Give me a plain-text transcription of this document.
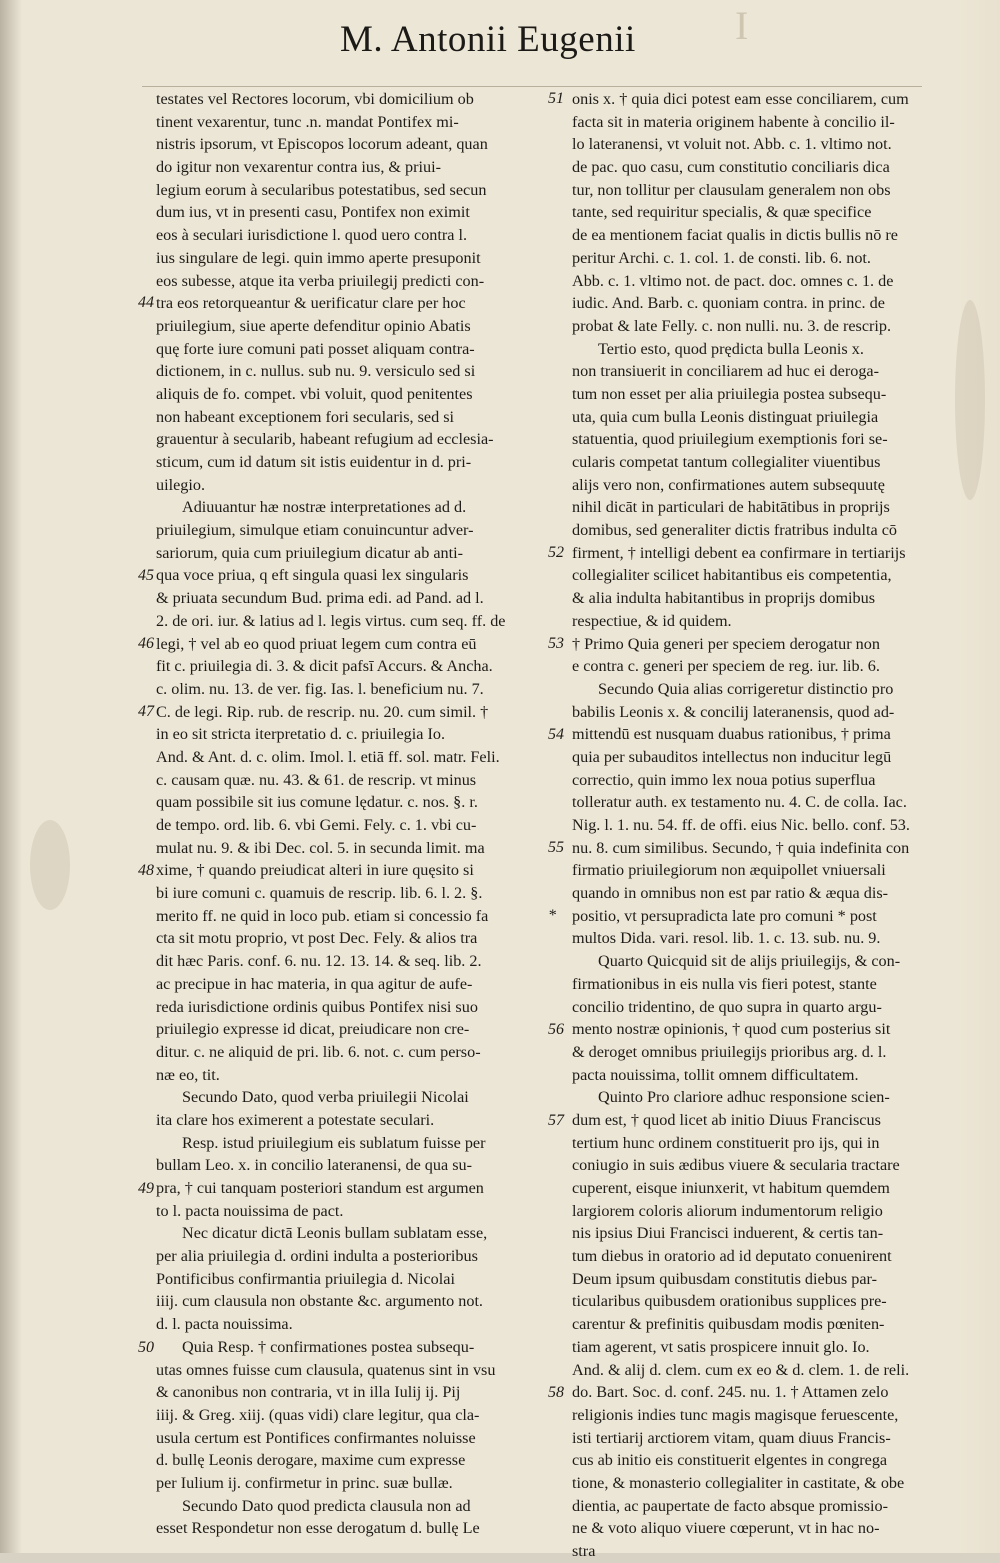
I
M. Antonii Eugenii
testates vel Rectores locorum, vbi domicilium ob
tinent vexarentur, tunc .n. mandat Pontifex mi-
nistris ipsorum, vt Episcopos locorum adeant, quan
do igitur non vexarentur contra ius, & priui-
legium eorum à secularibus potestatibus, sed secun
dum ius, vt in presenti casu, Pontifex non eximit
eos à seculari iurisdictione l. quod uero contra l.
ius singulare de legi. quin immo aperte presuponit
eos subesse, atque ita verba priuilegij predicti con-
tra eos retorqueantur & uerificatur clare per hoc
priuilegium, siue aperte defenditur opinio Abatis
quę forte iure comuni pati posset aliquam contra-
dictionem, in c. nullus. sub nu. 9. versiculo sed si
aliquis de fo. compet. vbi voluit, quod penitentes
non habeant exceptionem fori secularis, sed si
grauentur à secularib, habeant refugium ad ecclesia-
sticum, cum id datum sit istis euidentur in d. pri-
uilegio.
Adiuuantur hæ nostræ interpretationes ad d.
priuilegium, simulque etiam conuincuntur adver-
sariorum, quia cum priuilegium dicatur ab anti-
qua voce priua, q eft singula quasi lex singularis
& priuata secundum Bud. prima edi. ad Pand. ad l.
2. de ori. iur. & latius ad l. legis virtus. cum seq. ff. de
legi, † vel ab eo quod priuat legem cum contra eū
fit c. priuilegia di. 3. & dicit pafsī Accurs. & Ancha.
c. olim. nu. 13. de ver. fig. Ias. l. beneficium nu. 7.
C. de legi. Rip. rub. de rescrip. nu. 20. cum simil. †
in eo sit stricta iterpretatio d. c. priuilegia Io.
And. & Ant. d. c. olim. Imol. l. etiā ff. sol. matr. Feli.
c. causam quæ. nu. 43. & 61. de rescrip. vt minus
quam possibile sit ius comune lędatur. c. nos. §. r.
de tempo. ord. lib. 6. vbi Gemi. Fely. c. 1. vbi cu-
mulat nu. 9. & ibi Dec. col. 5. in secunda limit. ma
xime, † quando preiudicat alteri in iure quęsito si
bi iure comuni c. quamuis de rescrip. lib. 6. l. 2. §.
merito ff. ne quid in loco pub. etiam si concessio fa
cta sit motu proprio, vt post Dec. Fely. & alios tra
dit hæc Paris. conf. 6. nu. 12. 13. 14. & seq. lib. 2.
ac precipue in hac materia, in qua agitur de aufe-
reda iurisdictione ordinis quibus Pontifex nisi suo
priuilegio expresse id dicat, preiudicare non cre-
ditur. c. ne aliquid de pri. lib. 6. not. c. cum perso-
næ eo, tit.
Secundo Dato, quod verba priuilegii Nicolai
ita clare hos eximerent a potestate seculari.
Resp. istud priuilegium eis sublatum fuisse per
bullam Leo. x. in concilio lateranensi, de qua su-
pra, † cui tanquam posteriori standum est argumen
to l. pacta nouissima de pact.
Nec dicatur dictā Leonis bullam sublatam esse,
per alia priuilegia d. ordini indulta a posterioribus
Pontificibus confirmantia priuilegia d. Nicolai
iiij. cum clausula non obstante &c. argumento not.
d. l. pacta nouissima.
Quia Resp. † confirmationes postea subsequ-
utas omnes fuisse cum clausula, quatenus sint in vsu
& canonibus non contraria, vt in illa Iulij ij. Pij
iiij. & Greg. xiij. (quas vidi) clare legitur, qua cla-
usula certum est Pontifices confirmantes noluisse
d. bullę Leonis derogare, maxime cum expresse
per Iulium ij. confirmetur in princ. suæ bullæ.
Secundo Dato quod predicta clausula non ad
esset Respondetur non esse derogatum d. bullę Le
onis x. † quia dici potest eam esse conciliarem, cum
facta sit in materia originem habente à concilio il-
lo lateranensi, vt voluit not. Abb. c. 1. vltimo not.
de pac. quo casu, cum constitutio conciliaris dica
tur, non tollitur per clausulam generalem non obs
tante, sed requiritur specialis, & quæ specifice
de ea mentionem faciat qualis in dictis bullis nō re
peritur Archi. c. 1. col. 1. de consti. lib. 6. not.
Abb. c. 1. vltimo not. de pact. doc. omnes c. 1. de
iudic. And. Barb. c. quoniam contra. in princ. de
probat & late Felly. c. non nulli. nu. 3. de rescrip.
Tertio esto, quod prędicta bulla Leonis x.
non transiuerit in conciliarem ad huc ei deroga-
tum non esset per alia priuilegia postea subsequ-
uta, quia cum bulla Leonis distinguat priuilegia
statuentia, quod priuilegium exemptionis fori se-
cularis competat tantum collegialiter viuentibus
alijs vero non, confirmationes autem subsequutę
nihil dicāt in particulari de habitātibus in proprijs
domibus, sed generaliter dictis fratribus indulta cō
firment, † intelligi debent ea confirmare in tertiarijs
collegialiter scilicet habitantibus eis competentia,
& alia indulta habitantibus in proprijs domibus
respectiue, & id quidem.
† Primo Quia generi per speciem derogatur non
e contra c. generi per speciem de reg. iur. lib. 6.
Secundo Quia alias corrigeretur distinctio pro
babilis Leonis x. & concilij lateranensis, quod ad-
mittendū est nusquam duabus rationibus, † prima
quia per subauditos intellectus non inducitur legū
correctio, quin immo lex noua potius superflua
tolleratur auth. ex testamento nu. 4. C. de colla. Iac.
Nig. l. 1. nu. 54. ff. de offi. eius Nic. bello. conf. 53.
nu. 8. cum similibus. Secundo, † quia indefinita con
firmatio priuilegiorum non æquipollet vniuersali
quando in omnibus non est par ratio & æqua dis-
positio, vt persupradicta late pro comuni * post
multos Dida. vari. resol. lib. 1. c. 13. sub. nu. 9.
Quarto Quicquid sit de alijs priuilegijs, & con-
firmationibus in eis nulla vis fieri potest, stante
concilio tridentino, de quo supra in quarto argu-
mento nostræ opinionis, † quod cum posterius sit
& deroget omnibus priuilegijs prioribus arg. d. l.
pacta nouissima, tollit omnem difficultatem.
Quinto Pro clariore adhuc responsione scien-
dum est, † quod licet ab initio Diuus Franciscus
tertium hunc ordinem constituerit pro ijs, qui in
coniugio in suis ædibus viuere & secularia tractare
cuperent, eisque iniunxerit, vt habitum quemdem
largiorem coloris aliorum indumentorum religio
nis ipsius Diui Francisci induerent, & certis tan-
tum diebus in oratorio ad id deputato conuenirent
Deum ipsum quibusdam constitutis diebus par-
ticularibus quibusdem orationibus supplices pre-
carentur & prefinitis quibusdam modis pœniten-
tiam agerent, vt satis prospicere innuit glo. Io.
And. & alij d. clem. cum ex eo & d. clem. 1. de reli.
do. Bart. Soc. d. conf. 245. nu. 1. † Attamen zelo
religionis indies tunc magis magisque feruescente,
isti tertiarij arctiorem vitam, quam diuus Francis-
cus ab initio eis constituerit elgentes in congrega
tione, & monasterio collegialiter in castitate, & obe
dientia, ac paupertate de facto absque promissio-
ne & voto aliquo viuere cœperunt, vt in hac no-
stra
44
45
46
47
48
49
50
51
52
53
54
55
*
56
57
58
